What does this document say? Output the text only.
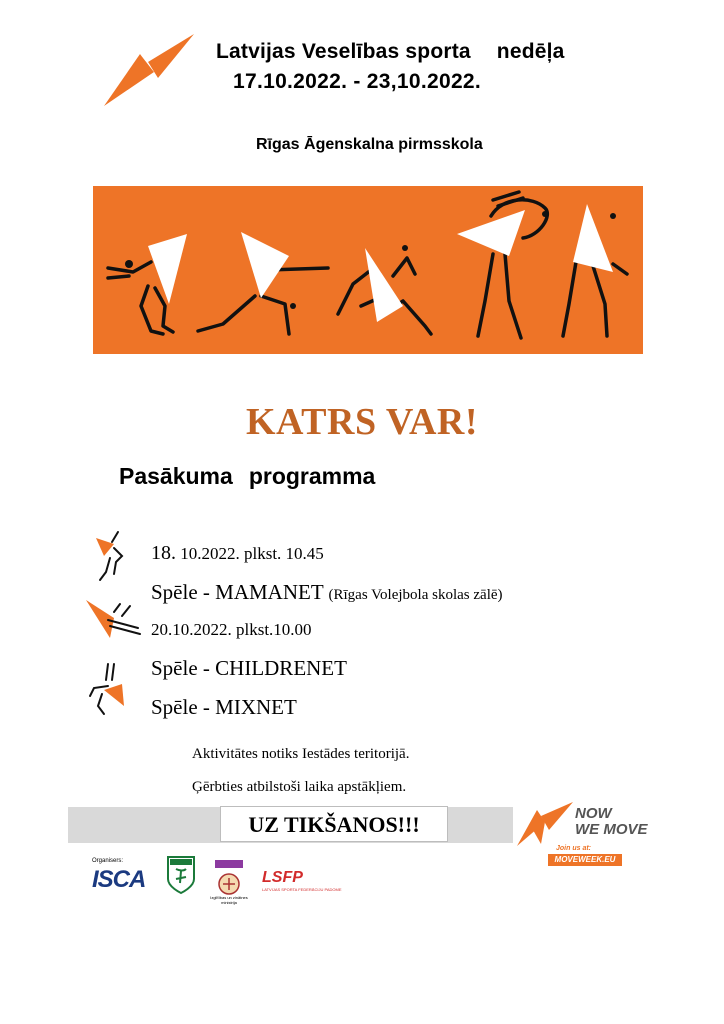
Latvijas Veselības sporta nedēļa
17.10.2022. - 23,10.2022.
Rīgas Āgenskalna pirmsskola
KATRS VAR!
Pasākuma programma
18. 10.2022. plkst. 10.45
Spēle - MAMANET (Rīgas Volejbola skolas zālē)
20.10.2022. plkst.10.00
Spēle - CHILDRENET
Spēle - MIXNET
Aktivitātes notiks Iestādes teritorijā.
Ģērbties atbilstoši laika apstākļiem.
UZ TIKŠANOS!!!	NOW
WE MOVE
Join us at:
MOVEWEEK.EU
Organisers:
ISCA
Izglītības un zinātnes ministrija
LSFP
LATVIJAS SPORTA FEDERĀCIJU PADOME
